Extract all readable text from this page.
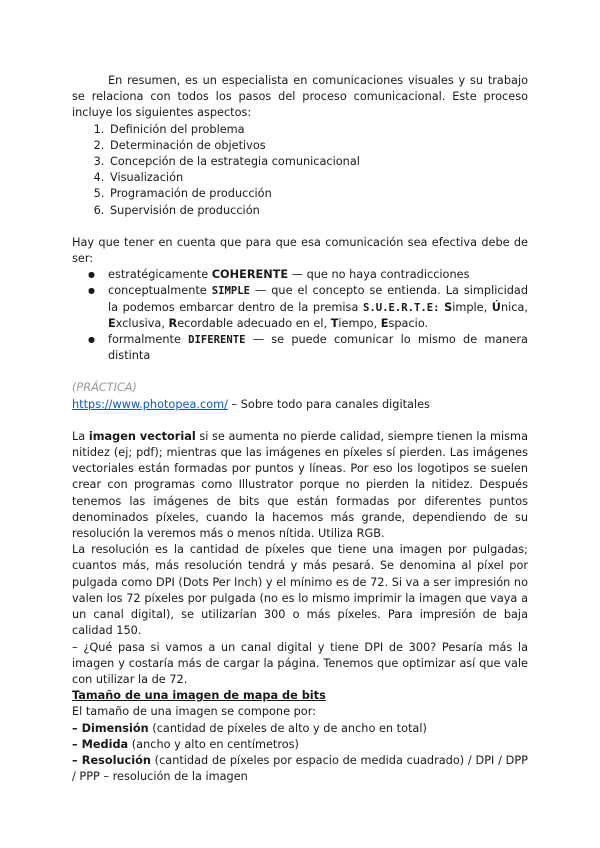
En resumen, es un especialista en comunicaciones visuales y su trabajo se relaciona con todos los pasos del proceso comunicacional. Este proceso incluye los siguientes aspectos:

1. Definición del problema
2. Determinación de objetivos
3. Concepción de la estrategia comunicacional
4. Visualización
5. Programación de producción
6. Supervisión de producción

Hay que tener en cuenta que para que esa comunicación sea efectiva debe de ser:

● estratégicamente COHERENTE — que no haya contradicciones
● conceptualmente SIMPLE — que el concepto se entienda. La simplicidad la podemos embarcar dentro de la premisa S.U.E.R.T.E: Simple, Única, Exclusiva, Recordable adecuado en el, Tiempo, Espacio.
● formalmente DIFERENTE — se puede comunicar lo mismo de manera distinta

(PRÁCTICA)

https://www.photopea.com/ – Sobre todo para canales digitales

La imagen vectorial si se aumenta no pierde calidad, siempre tienen la misma nitidez (ej; pdf); mientras que las imágenes en píxeles sí pierden. Las imágenes vectoriales están formadas por puntos y líneas. Por eso los logotipos se suelen crear con programas como Illustrator porque no pierden la nitidez. Después tenemos las imágenes de bits que están formadas por diferentes puntos denominados píxeles, cuando la hacemos más grande, dependiendo de su resolución la veremos más o menos nítida. Utiliza RGB.

La resolución es la cantidad de píxeles que tiene una imagen por pulgadas; cuantos más, más resolución tendrá y más pesará. Se denomina al píxel por pulgada como DPI (Dots Per Inch) y el mínimo es de 72. Si va a ser impresión no valen los 72 píxeles por pulgada (no es lo mismo imprimir la imagen que vaya a un canal digital), se utilizarían 300 o más píxeles. Para impresión de baja calidad 150.

– ¿Qué pasa si vamos a un canal digital y tiene DPI de 300? Pesaría más la imagen y costaría más de cargar la página. Tenemos que optimizar así que vale con utilizar la de 72.

Tamaño de una imagen de mapa de bits

El tamaño de una imagen se compone por:

– Dimensión (cantidad de píxeles de alto y de ancho en total)

– Medida (ancho y alto en centímetros)

– Resolución (cantidad de píxeles por espacio de medida cuadrado) / DPI / DPP / PPP – resolución de la imagen
